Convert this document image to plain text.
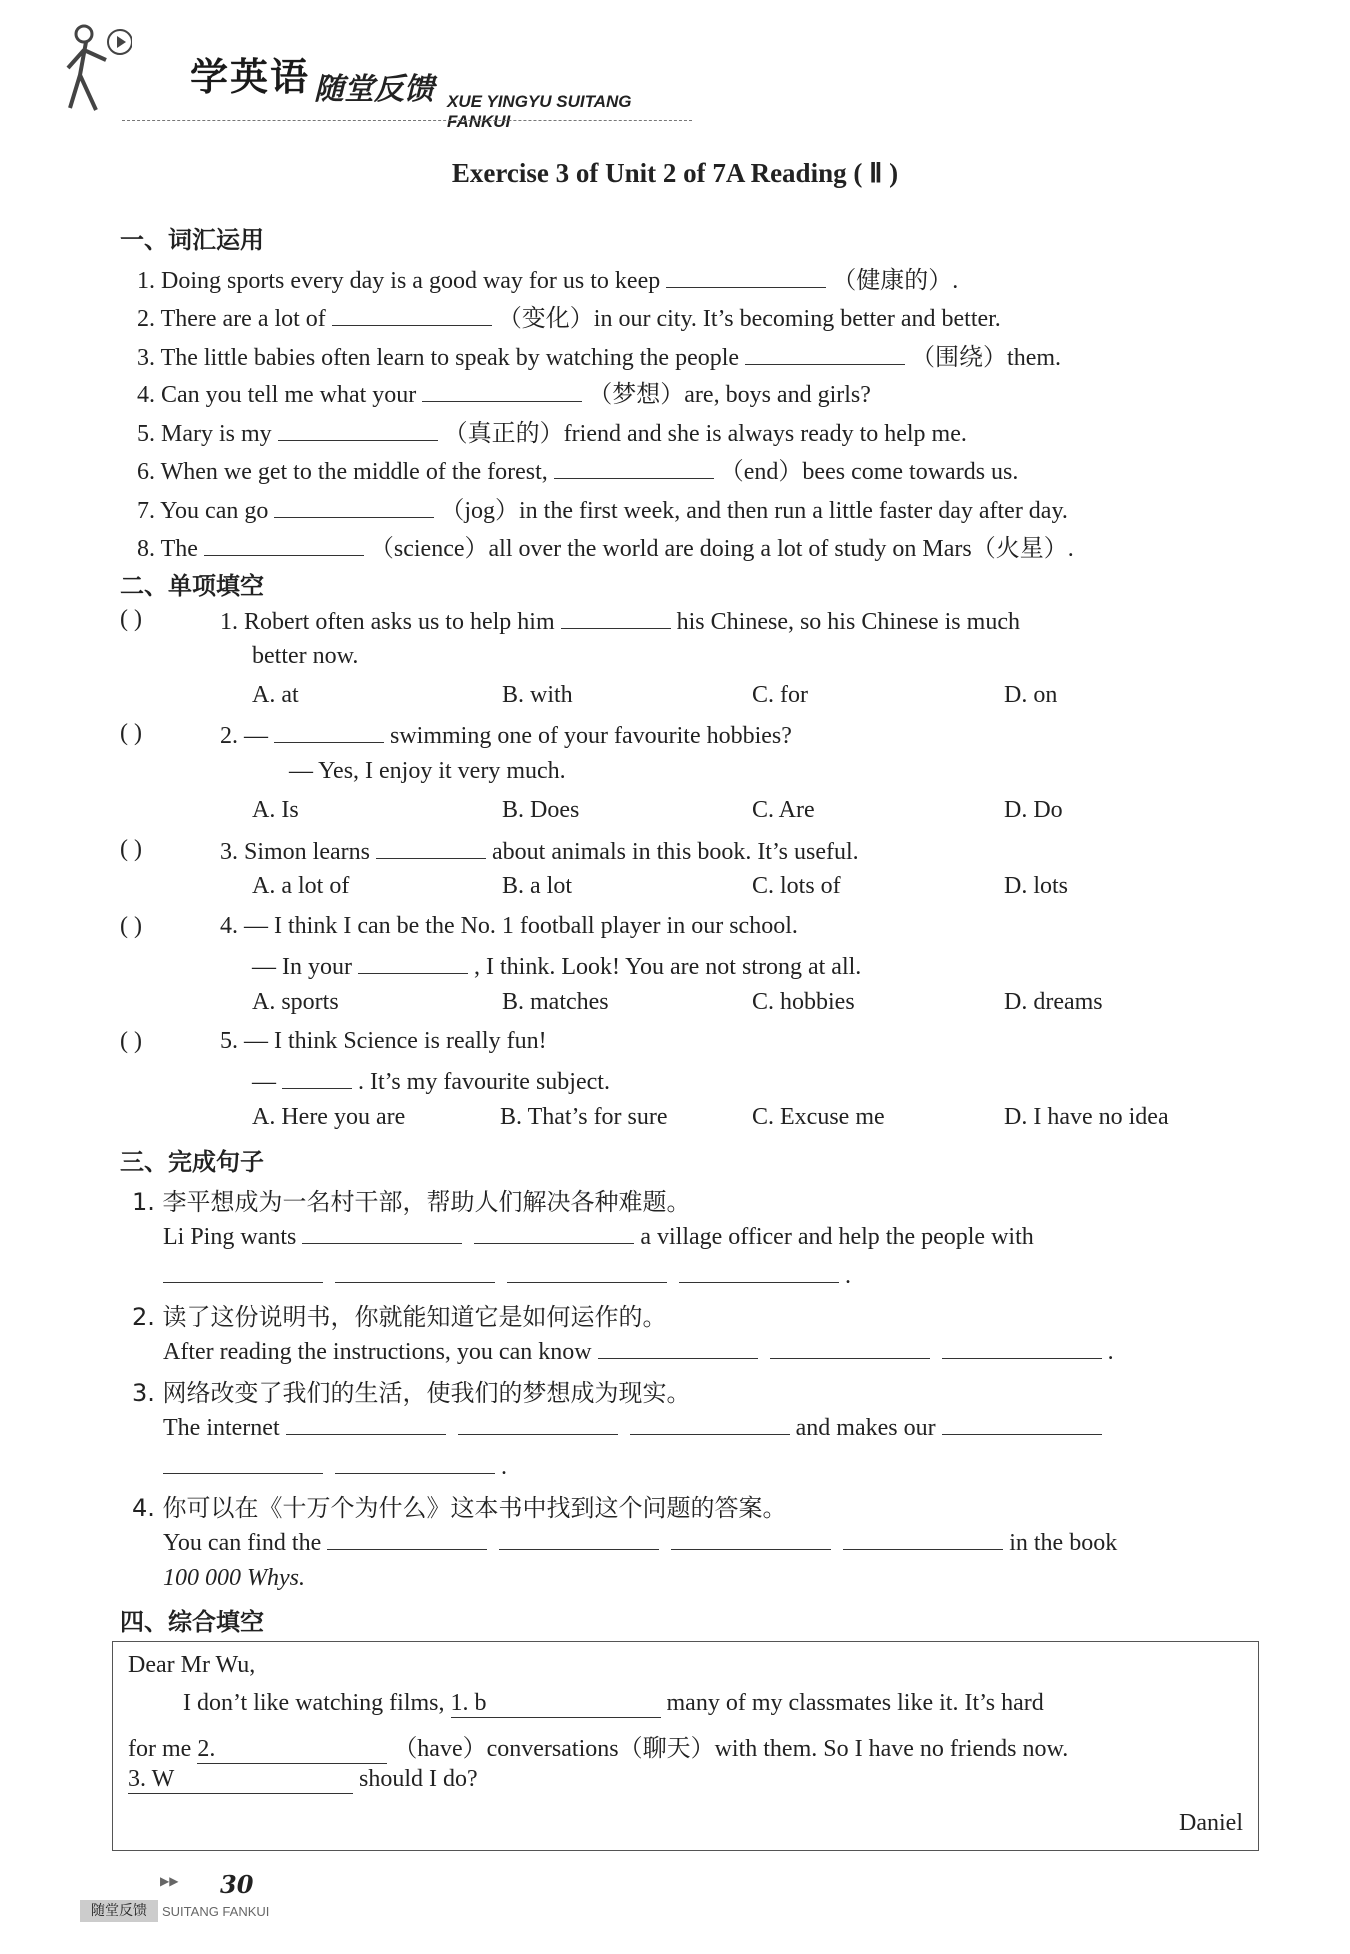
学英语 随堂反馈 XUE YINGYU SUITANG FANKUI
Exercise 3 of Unit 2 of 7A Reading ( Ⅱ )
一、词汇运用
1. Doing sports every day is a good way for us to keep	（健康的）.
2. There are a lot of	（变化）in our city. It’s becoming better and better.
3. The little babies often learn to speak by watching the people	（围绕）them.
4. Can you tell me what your	（梦想）are, boys and girls?
5. Mary is my	（真正的）friend and she is always ready to help me.
6. When we get to the middle of the forest,	（end）bees come towards us.
7. You can go	（jog）in the first week, and then run a little faster day after day.
8. The	（science）all over the world are doing a lot of study on Mars（火星）.
二、单项填空
( )	1. Robert often asks us to help him	his Chinese, so his Chinese is much
better now.
A. at	B. with	C. for	D. on
( )	2. —	swimming one of your favourite hobbies?
— Yes, I enjoy it very much.
A. Is	B. Does	C. Are	D. Do
( )	3. Simon learns	about animals in this book. It’s useful.
A. a lot of	B. a lot	C. lots of	D. lots
( )	4. — I think I can be the No. 1 football player in our school.
— In your	, I think. Look! You are not strong at all.
A. sports	B. matches	C. hobbies	D. dreams
( )	5. — I think Science is really fun!
—	. It’s my favourite subject.
A. Here you are	B. That’s for sure	C. Excuse me	D. I have no idea
三、完成句子
1. 李平想成为一名村干部，帮助人们解决各种难题。
Li Ping wants	a village officer and help the people with
.
2. 读了这份说明书，你就能知道它是如何运作的。
After reading the instructions, you can know	.
3. 网络改变了我们的生活，使我们的梦想成为现实。
The internet	and makes our
.
4. 你可以在《十万个为什么》这本书中找到这个问题的答案。
You can find the	in the book
100 000 Whys.
四、综合填空
Dear Mr Wu,
I don’t like watching films, 1. b	many of my classmates like it. It’s hard
for me 2.	（have）conversations（聊天）with them. So I have no friends now.
3. W	should I do?
Daniel
▶▶ 30
随堂反馈	SUITANG FANKUI
